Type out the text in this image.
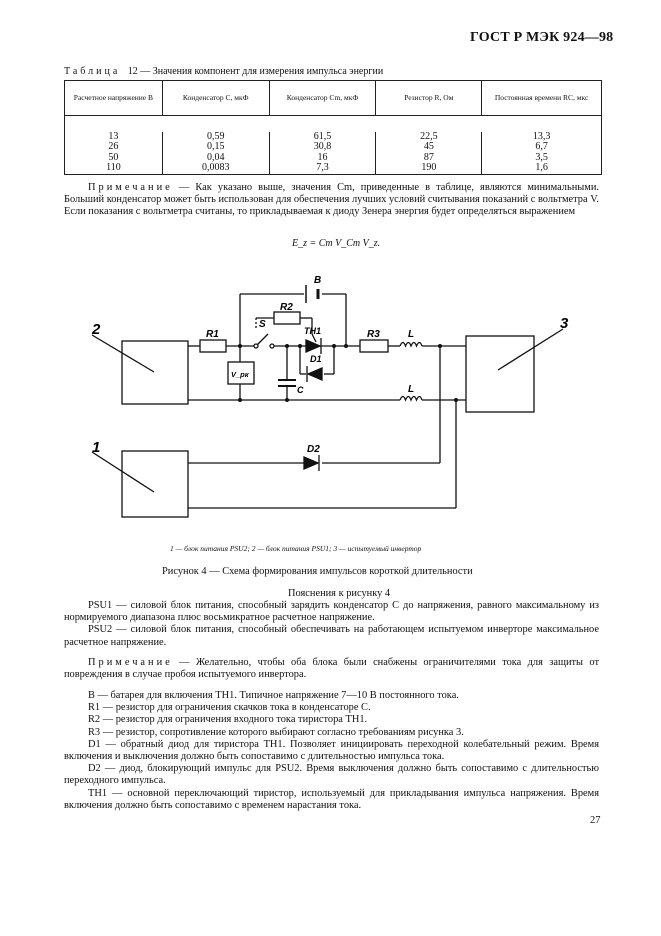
ГОСТ Р МЭК 924—98
Таблица 12 — Значения компонент для измерения импульса энергии
Расчетное напряжение В	Конденсатор C, мкФ	Конденсатор Cm, мкФ	Резистор R, Ом	Постоянная времени RC, мкс

13	0,59	61,5	22,5	13,3
26	0,15	30,8	45	6,7
50	0,04	16	87	3,5
110	0,0083	7,3	190	1,6
Примечание — Как указано выше, значения Cm, приведенные в таблице, являются минимальными. Больший конденсатор может быть использован для обеспечения лучших условий считывания показаний с вольтметра V. Если показания с вольтметра считаны, то прикладываемая к диоду Зенера энергия будет определяться выражением
E_z = Cm V_Cm V_z.
2	3
1
B
S
R1
R2
R3
TH1
D1
D2
L
L
C
V_рк
1 — блок питания PSU2; 2 — блок питания PSU1; 3 — испытуемый инвертор
Рисунок 4 — Схема формирования импульсов короткой длительности
Пояснения к рисунку 4
PSU1 — силовой блок питания, способный зарядить конденсатор C до напряжения, равного максимальному из нормируемого диапазона плюс восьмикратное расчетное напряжение.
PSU2 — силовой блок питания, способный обеспечивать на работающем испытуемом инверторе максимальное расчетное напряжение.
Примечание — Желательно, чтобы оба блока были снабжены ограничителями тока для защиты от повреждения в случае пробоя испытуемого инвертора.
B — батарея для включения TH1. Типичное напряжение 7—10 В постоянного тока.
R1 — резистор для ограничения скачков тока в конденсаторе C.
R2 — резистор для ограничения входного тока тиристора TH1.
R3 — резистор, сопротивление которого выбирают согласно требованиям рисунка 3.
D1 — обратный диод для тиристора TH1. Позволяет инициировать переходной колебательный режим. Время включения и выключения должно быть сопоставимо с длительностью импульса тока.
D2 — диод, блокирующий импульс для PSU2. Время выключения должно быть сопоставимо с длительностью переходного импульса.
TH1 — основной переключающий тиристор, используемый для прикладывания импульса напряжения. Время включения должно быть сопоставимо с временем нарастания тока.
27
